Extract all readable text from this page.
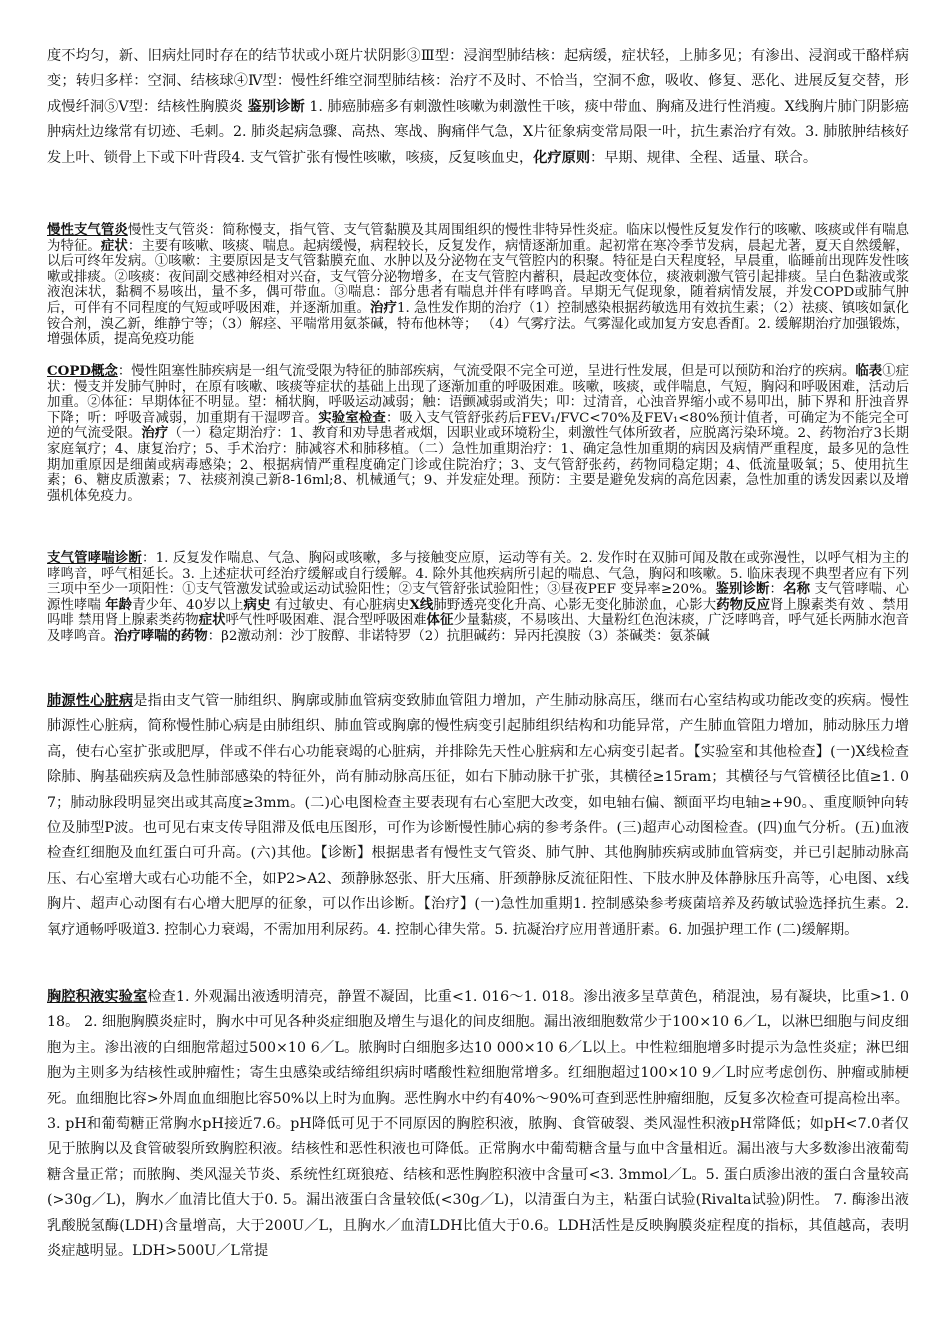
度不均匀，新、旧病灶同时存在的结节状或小斑片状阴影③Ⅲ型：浸润型肺结核：起病缓，症状轻，上肺多见；有渗出、浸润或干酪样病变；转归多样：空洞、结核球④Ⅳ型：慢性纤维空洞型肺结核：治疗不及时、不恰当，空洞不愈，吸收、修复、恶化、进展反复交替，形成慢纤洞⑤Ⅴ型：结核性胸膜炎 鉴别诊断 1. 肺癌肺癌多有刺激性咳嗽为刺激性干咳，痰中带血、胸痛及进行性消瘦。X线胸片肺门阴影癌肿病灶边缘常有切迹、毛刺。2. 肺炎起病急骤、高热、寒战、胸痛伴气急，X片征象病变常局限一叶，抗生素治疗有效。3. 肺脓肿结核好发上叶、锁骨上下或下叶背段4. 支气管扩张有慢性咳嗽，咳痰，反复咳血史，化疗原则：早期、规律、全程、适量、联合。
慢性支气管炎慢性支气管炎：简称慢支，指气管、支气管黏膜及其周围组织的慢性非特异性炎症。临床以慢性反复发作行的咳嗽、咳痰或伴有喘息为特征。症状：主要有咳嗽、咳痰、喘息。起病缓慢，病程较长，反复发作，病情逐渐加重。起初常在寒冷季节发病，晨起尤著，夏天自然缓解，以后可终年发病。①咳嗽：主要原因是支气管黏膜充血、水肿以及分泌物在支气管腔内的积聚。特征是白天程度轻，早晨重，临睡前出现阵发性咳嗽或排痰。②咳痰：夜间副交感神经相对兴奋，支气管分泌物增多，在支气管腔内蓄积，晨起改变体位，痰液刺激气管引起排痰。呈白色黏液或浆液泡沫状，黏稠不易咳出，量不多，偶可带血。③喘息：部分患者有喘息并伴有哮鸣音。早期无气促现象，随着病情发展，并发COPD或肺气肿后，可伴有不同程度的气短或呼吸困难，并逐渐加重。治疗1. 急性发作期的治疗（1）控制感染根据药敏选用有效抗生素；（2）祛痰、镇咳如氯化铵合剂，溴乙新，维静宁等；（3）解痉、平喘常用氨茶碱，特布他林等； （4）气雾疗法。气雾湿化或加复方安息香酊。2. 缓解期治疗加强锻炼，增强体质，提高免疫功能
COPD概念：慢性阻塞性肺疾病是一组气流受限为特征的肺部疾病，气流受限不完全可逆，呈进行性发展，但是可以预防和治疗的疾病。临表①症状：慢支并发肺气肿时，在原有咳嗽、咳痰等症状的基础上出现了逐渐加重的呼吸困难。咳嗽，咳痰，或伴喘息，气短，胸闷和呼吸困难，活动后加重。②体征：早期体征不明显。望：桶状胸，呼吸运动减弱；触：语颤减弱或消失；叩：过清音，心浊音界缩小或不易叩出，肺下界和 肝浊音界下降；听：呼吸音减弱，加重期有干湿啰音。实验室检查：吸入支气管舒张药后FEV₁/FVC<70%及FEV₁<80%预计值者，可确定为不能完全可逆的气流受限。治疗（一）稳定期治疗：1、教育和劝导患者戒烟，因职业或环境粉尘，刺激性气体所致者，应脱离污染环境。2、药物治疗3长期家庭氧疗；4、康复治疗；5、手术治疗：肺减容术和肺移植。（二）急性加重期治疗：1、确定急性加重期的病因及病情严重程度，最多见的急性期加重原因是细菌或病毒感染；2、根据病情严重程度确定门诊或住院治疗；3、支气管舒张药，药物同稳定期；4、低流量吸氧；5、使用抗生素；6、糖皮质激素；7、祛痰剂溴己新8-16ml;8、机械通气；9、并发症处理。预防：主要是避免发病的高危因素，急性加重的诱发因素以及增强机体免疫力。
支气管哮喘诊断：1. 反复发作喘息、气急、胸闷或咳嗽，多与接触变应原，运动等有关。2. 发作时在双肺可闻及散在或弥漫性，以呼气相为主的哮鸣音，呼气相延长。3. 上述症状可经治疗缓解或自行缓解。4. 除外其他疾病所引起的喘息、气急，胸闷和咳嗽。5. 临床表现不典型者应有下列三项中至少一项阳性：①支气管激发试验或运动试验阳性；②支气管舒张试验阳性；③昼夜PEF 变异率≥20%。鉴别诊断：名称 支气管哮喘、心源性哮喘 年龄青少年、40岁以上病史 有过敏史、有心脏病史X线肺野透亮变化升高、心影无变化肺淤血，心影大药物反应肾上腺素类有效 、禁用吗啡 禁用肾上腺素类药物症状呼气性呼吸困难、混合型呼吸困难体征少量黏痰，不易咳出、大量粉红色泡沫痰，广泛哮鸣音，呼气延长两肺水泡音及哮鸣音。治疗哮喘的药物：β2激动剂：沙丁胺醇、非诺特罗（2）抗胆碱药：异丙托溴胺（3）茶碱类：氨茶碱
肺源性心脏病是指由支气管一肺组织、胸廓或肺血管病变致肺血管阻力增加，产生肺动脉高压，继而右心室结构或功能改变的疾病。慢性肺源性心脏病，简称慢性肺心病是由肺组织、肺血管或胸廓的慢性病变引起肺组织结构和功能异常，产生肺血管阻力增加，肺动脉压力增高，使右心室扩张或肥厚，伴或不伴右心功能衰竭的心脏病，并排除先天性心脏病和左心病变引起者。【实验室和其他检查】(一)X线检查除肺、胸基础疾病及急性肺部感染的特征外，尚有肺动脉高压征，如右下肺动脉干扩张，其横径≥15ram；其横径与气管横径比值≥1. 07；肺动脉段明显突出或其高度≥3mm。(二)心电图检查主要表现有右心室肥大改变，如电轴右偏、额面平均电轴≥+90。、重度顺钟向转位及肺型P波。也可见右束支传导阻滞及低电压图形，可作为诊断慢性肺心病的参考条件。(三)超声心动图检查。(四)血气分析。(五)血液检查红细胞及血红蛋白可升高。(六)其他。【诊断】根据患者有慢性支气管炎、肺气肿、其他胸肺疾病或肺血管病变，并已引起肺动脉高压、右心室增大或右心功能不全，如P2>A2、颈静脉怒张、肝大压痛、肝颈静脉反流征阳性、下肢水肿及体静脉压升高等，心电图、x线胸片、超声心动图有右心增大肥厚的征象，可以作出诊断。【治疗】(一)急性加重期1. 控制感染参考痰菌培养及药敏试验选择抗生素。2. 氧疗通畅呼吸道3. 控制心力衰竭，不需加用利尿药。4. 控制心律失常。5. 抗凝治疗应用普通肝素。6. 加强护理工作 (二)缓解期。
胸腔积液实验室检查1. 外观漏出液透明清亮，静置不凝固，比重<1. 016～1. 018。渗出液多呈草黄色，稍混浊，易有凝块，比重>1. 018。 2. 细胞胸膜炎症时，胸水中可见各种炎症细胞及增生与退化的间皮细胞。漏出液细胞数常少于100×10 6／L，以淋巴细胞与间皮细胞为主。渗出液的白细胞常超过500×10 6／L。脓胸时白细胞多达10 000×10 6／L以上。中性粒细胞增多时提示为急性炎症；淋巴细胞为主则多为结核性或肿瘤性；寄生虫感染或结缔组织病时嗜酸性粒细胞常增多。红细胞超过100×10 9／L时应考虑创伤、肿瘤或肺梗死。血细胞比容>外周血血细胞比容50%以上时为血胸。恶性胸水中约有40%～90%可查到恶性肿瘤细胞，反复多次检查可提高检出率。3. pH和葡萄糖正常胸水pH接近7.6。pH降低可见于不同原因的胸腔积液，脓胸、食管破裂、类风湿性积液pH常降低；如pH<7.0者仅见于脓胸以及食管破裂所致胸腔积液。结核性和恶性积液也可降低。正常胸水中葡萄糖含量与血中含量相近。漏出液与大多数渗出液葡萄糖含量正常；而脓胸、类风湿关节炎、系统性红斑狼疮、结核和恶性胸腔积液中含量可<3. 3mmol／L。5. 蛋白质渗出液的蛋白含量较高(>30g／L)，胸水／血清比值大于0. 5。漏出液蛋白含量较低(<30g／L)，以清蛋白为主，粘蛋白试验(Rivalta试验)阴性。 7. 酶渗出液乳酸脱氢酶(LDH)含量增高，大于200U／L，且胸水／血清LDH比值大于0.6。LDH活性是反映胸膜炎症程度的指标，其值越高，表明炎症越明显。LDH>500U／L常提
